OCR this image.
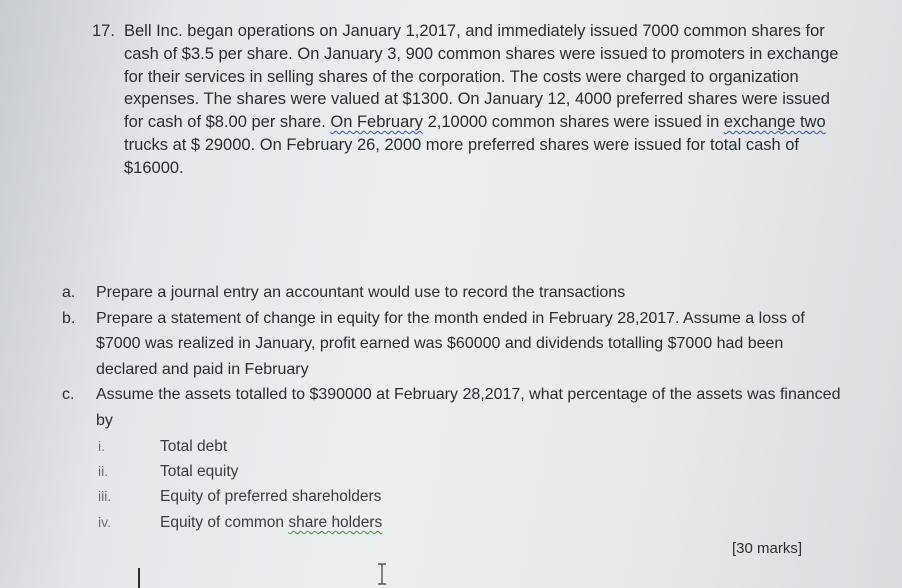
17. Bell Inc. began operations on January 1,2017, and immediately issued 7000 common shares for cash of $3.5 per share. On January 3, 900 common shares were issued to promoters in exchange for their services in selling shares of the corporation. The costs were charged to organization expenses. The shares were valued at $1300. On January 12, 4000 preferred shares were issued for cash of $8.00 per share. On February 2,10000 common shares were issued in exchange two trucks at $ 29000. On February 26, 2000 more preferred shares were issued for total cash of $16000.
a. Prepare a journal entry an accountant would use to record the transactions
b. Prepare a statement of change in equity for the month ended in February 28,2017. Assume a loss of $7000 was realized in January, profit earned was $60000 and dividends totalling $7000 had been declared and paid in February
c. Assume the assets totalled to $390000 at February 28,2017, what percentage of the assets was financed by
i.	Total debt
ii.	Total equity
iii.	Equity of preferred shareholders
iv.	Equity of common share holders
[30 marks]
